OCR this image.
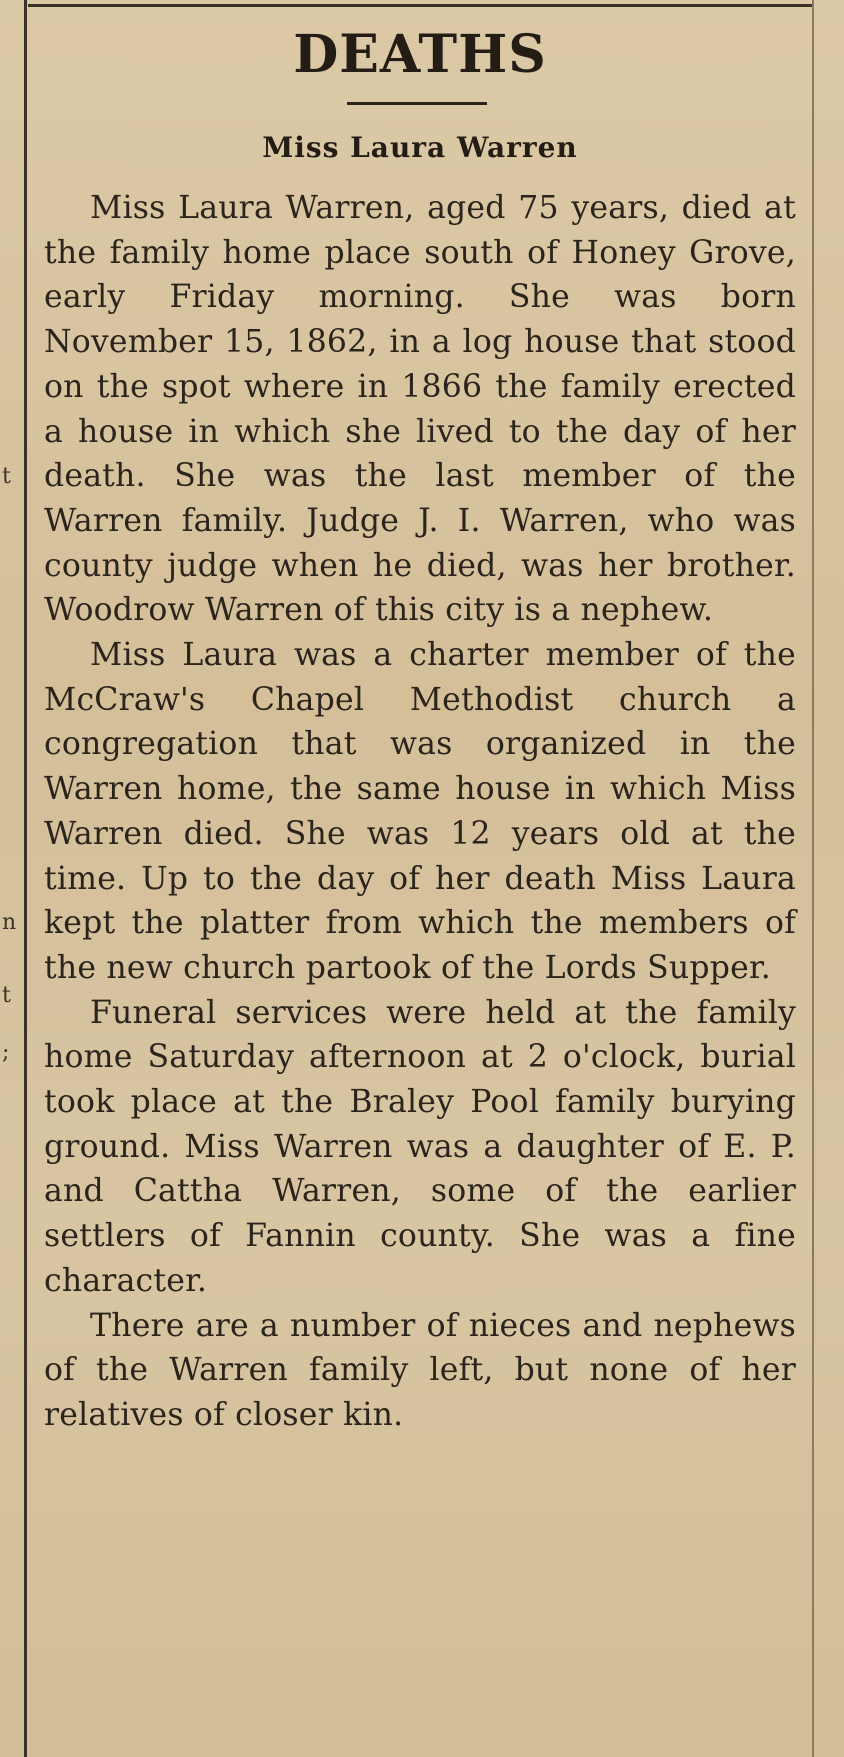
t
n
t
;
DEATHS
Miss Laura Warren

Miss Laura Warren, aged 75 years, died at the family home place south of Honey Grove, early Friday morning. She was born November 15, 1862, in a log house that stood on the spot where in 1866 the family erected a house in which she lived to the day of her death. She was the last member of the Warren family. Judge J. I. Warren, who was county judge when he died, was her brother. Woodrow Warren of this city is a nephew.

Miss Laura was a charter member of the McCraw's Chapel Methodist church a congregation that was organized in the Warren home, the same house in which Miss Warren died. She was 12 years old at the time. Up to the day of her death Miss Laura kept the platter from which the members of the new church partook of the Lords Supper.

Funeral services were held at the family home Saturday afternoon at 2 o'clock, burial took place at the Braley Pool family burying ground. Miss Warren was a daughter of E. P. and Cattha Warren, some of the earlier settlers of Fannin county. She was a fine character.

There are a number of nieces and nephews of the Warren family left, but none of her relatives of closer kin.
